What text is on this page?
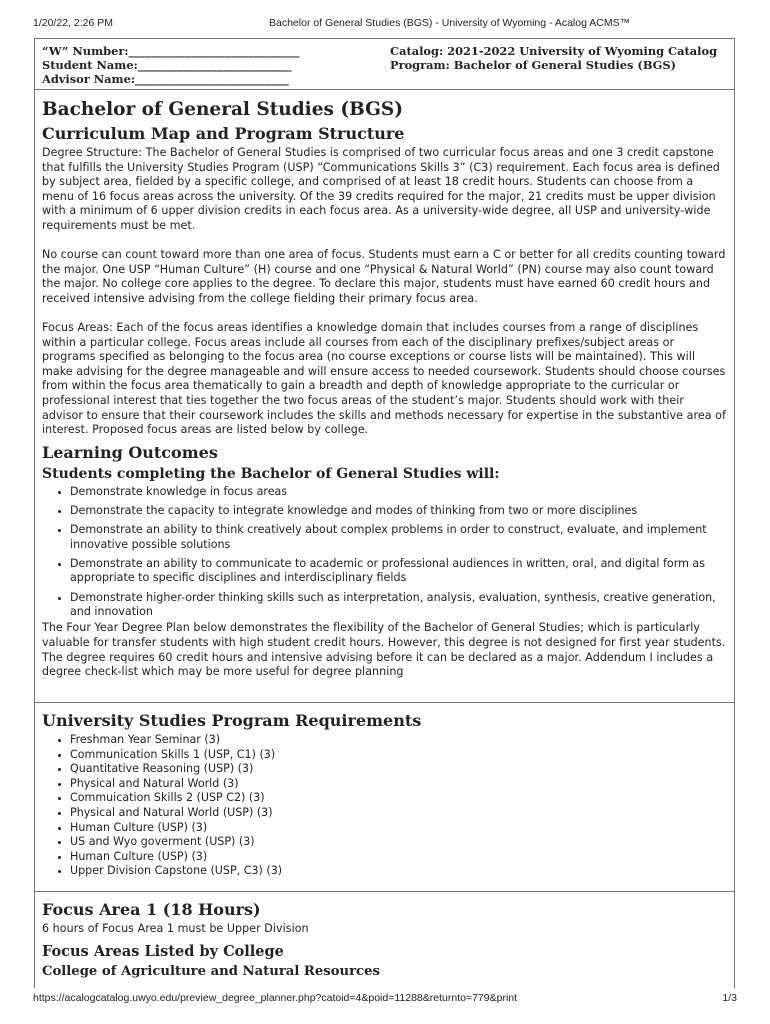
1/20/22, 2:26 PM	Bachelor of General Studies (BGS) - University of Wyoming - Acalog ACMS™
“W” Number:______________________________
Student Name:___________________________
Advisor Name:___________________________
Catalog: 2021-2022 University of Wyoming Catalog
Program: Bachelor of General Studies (BGS)
Bachelor of General Studies (BGS)
Curriculum Map and Program Structure

Degree Structure: The Bachelor of General Studies is comprised of two curricular focus areas and one 3 credit capstone that fulfills the University Studies Program (USP) “Communications Skills 3” (C3) requirement. Each focus area is defined by subject area, fielded by a specific college, and comprised of at least 18 credit hours. Students can choose from a menu of 16 focus areas across the university. Of the 39 credits required for the major, 21 credits must be upper division with a minimum of 6 upper division credits in each focus area. As a university-wide degree, all USP and university-wide requirements must be met.

No course can count toward more than one area of focus. Students must earn a C or better for all credits counting toward the major. One USP “Human Culture” (H) course and one “Physical & Natural World” (PN) course may also count toward the major. No college core applies to the degree. To declare this major, students must have earned 60 credit hours and received intensive advising from the college fielding their primary focus area.

Focus Areas: Each of the focus areas identifies a knowledge domain that includes courses from a range of disciplines within a particular college. Focus areas include all courses from each of the disciplinary prefixes/subject areas or programs specified as belonging to the focus area (no course exceptions or course lists will be maintained). This will make advising for the degree manageable and will ensure access to needed coursework. Students should choose courses from within the focus area thematically to gain a breadth and depth of knowledge appropriate to the curricular or professional interest that ties together the two focus areas of the student’s major. Students should work with their advisor to ensure that their coursework includes the skills and methods necessary for expertise in the substantive area of interest. Proposed focus areas are listed below by college.

Learning Outcomes
Students completing the Bachelor of General Studies will:
• Demonstrate knowledge in focus areas
• Demonstrate the capacity to integrate knowledge and modes of thinking from two or more disciplines
• Demonstrate an ability to think creatively about complex problems in order to construct, evaluate, and implement innovative possible solutions
• Demonstrate an ability to communicate to academic or professional audiences in written, oral, and digital form as appropriate to specific disciplines and interdisciplinary fields
• Demonstrate higher-order thinking skills such as interpretation, analysis, evaluation, synthesis, creative generation, and innovation

The Four Year Degree Plan below demonstrates the flexibility of the Bachelor of General Studies; which is particularly valuable for transfer students with high student credit hours. However, this degree is not designed for first year students. The degree requires 60 credit hours and intensive advising before it can be declared as a major. Addendum I includes a degree check-list which may be more useful for degree planning

University Studies Program Requirements
• Freshman Year Seminar (3)
• Communication Skills 1 (USP, C1) (3)
• Quantitative Reasoning (USP) (3)
• Physical and Natural World (3)
• Commuication Skills 2 (USP C2) (3)
• Physical and Natural World (USP) (3)
• Human Culture (USP) (3)
• US and Wyo goverment (USP) (3)
• Human Culture (USP) (3)
• Upper Division Capstone (USP, C3) (3)
Focus Area 1 (18 Hours)

6 hours of Focus Area 1 must be Upper Division

Focus Areas Listed by College
College of Agriculture and Natural Resources
https://acalogcatalog.uwyo.edu/preview_degree_planner.php?catoid=4&poid=11288&returnto=779&print	1/3
